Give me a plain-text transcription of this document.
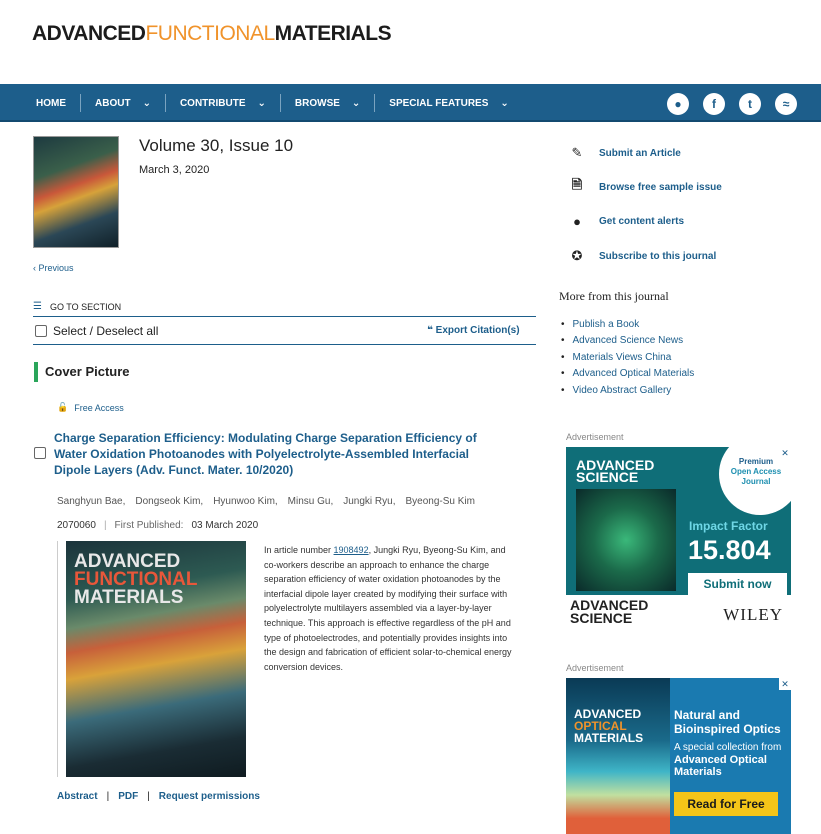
ADVANCEDFUNCTIONALMATERIALS
HOME	ABOUT ⌄	CONTRIBUTE ⌄	BROWSE ⌄	SPECIAL FEATURES ⌄	●	f	t	≈
Volume 30, Issue 10
March 3, 2020
‹ Previous
☰ GO TO SECTION
Select / Deselect all	❝ Export Citation(s)
Cover Picture
🔓 Free Access
Charge Separation Efficiency: Modulating Charge Separation Efficiency of Water Oxidation Photoanodes with Polyelectrolyte-Assembled Interfacial Dipole Layers (Adv. Funct. Mater. 10/2020)
Sanghyun Bae, Dongseok Kim, Hyunwoo Kim, Minsu Gu, Jungki Ryu, Byeong-Su Kim
2070060 | First Published: 03 March 2020
ADVANCED
FUNCTIONAL
MATERIALS
In article number 1908492, Jungki Ryu, Byeong-Su Kim, and co-workers describe an approach to enhance the charge separation efficiency of water oxidation photoanodes by the interfacial dipole layer created by modifying their surface with polyelectrolyte multilayers assembled via a layer-by-layer technique. This approach is effective regardless of the pH and type of photoelectrodes, and potentially provides insights into the design and fabrication of efficient solar-to-chemical energy conversion devices.
Abstract | PDF | Request permissions
✎ Submit an Article
🗎 Browse free sample issue
●	Get content alerts
✪ Subscribe to this journal
More from this journal
• Publish a Book
• Advanced Science News
• Materials Views China
• Advanced Optical Materials
• Video Abstract Gallery
Advertisement
ADVANCED
SCIENCE
Premium
Open Access Journal
Impact Factor
15.804
Submit now
ADVANCED
SCIENCE	WILEY
✕
Advertisement
ADVANCED
OPTICAL
MATERIALS
Natural and Bioinspired Optics
A special collection from
Advanced Optical Materials
Read for Free
✕
